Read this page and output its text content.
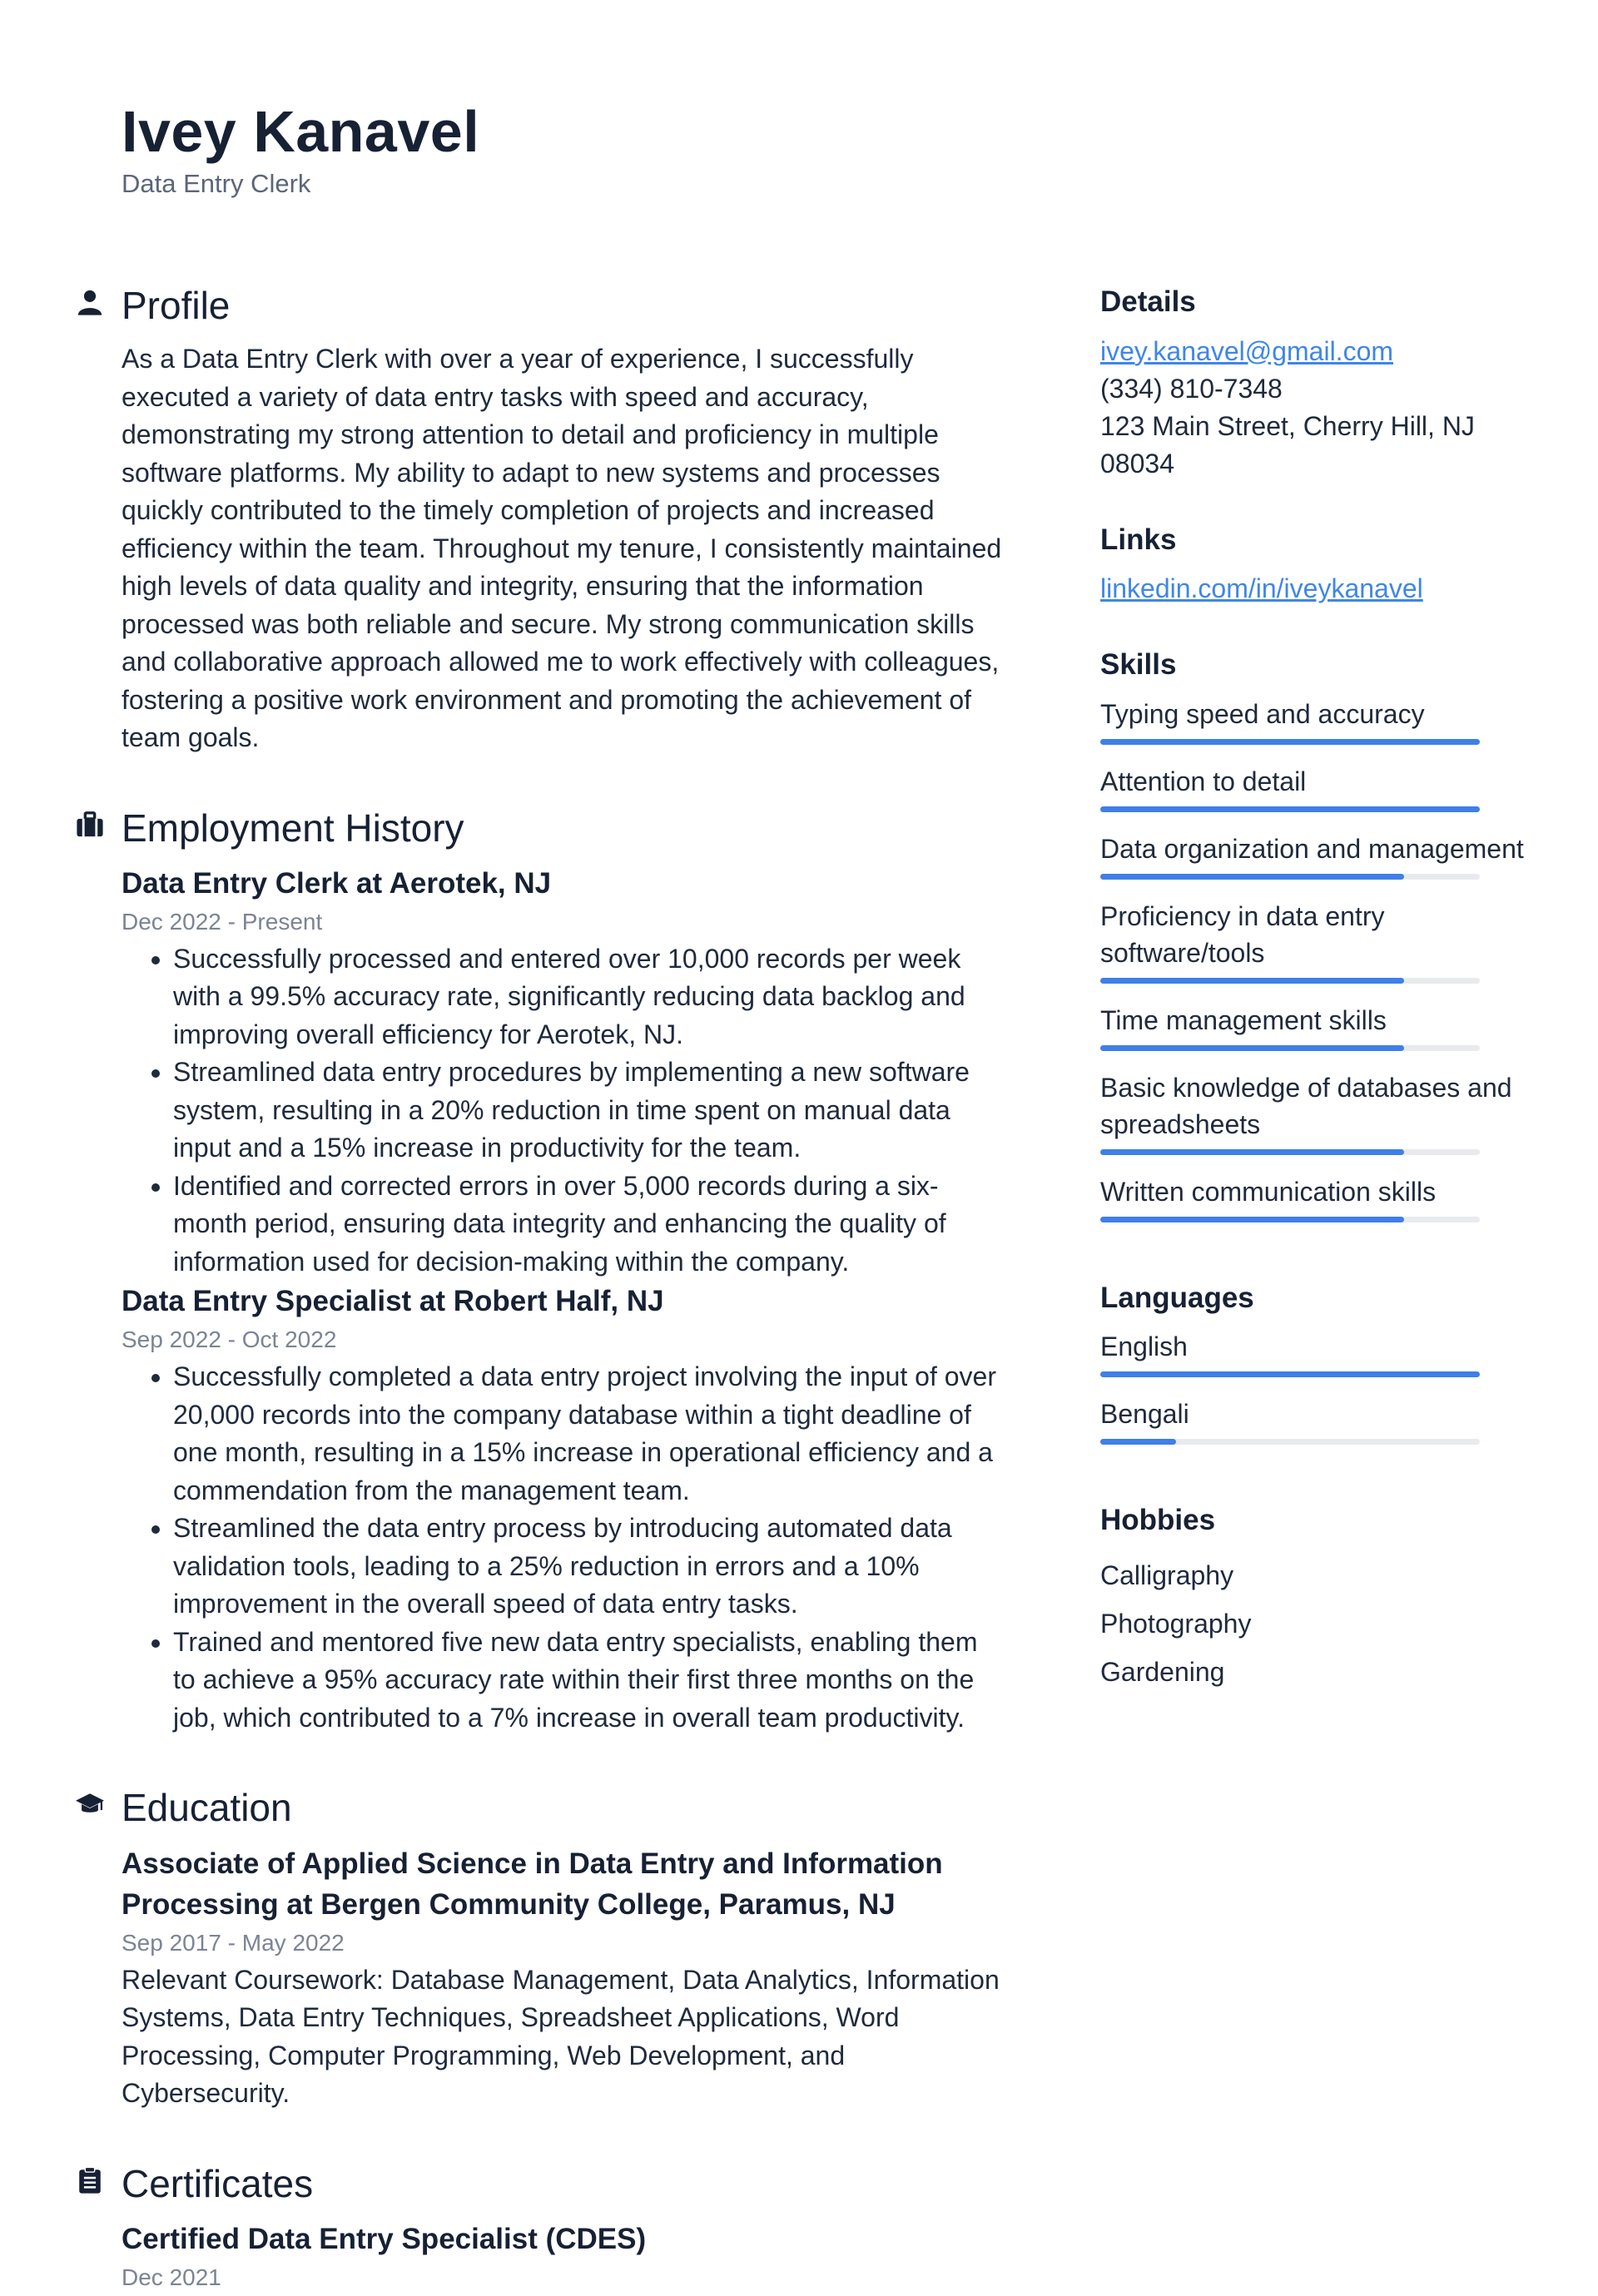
Ivey Kanavel
Data Entry Clerk
Profile
As a Data Entry Clerk with over a year of experience, I successfully executed a variety of data entry tasks with speed and accuracy, demonstrating my strong attention to detail and proficiency in multiple software platforms. My ability to adapt to new systems and processes quickly contributed to the timely completion of projects and increased efficiency within the team. Throughout my tenure, I consistently maintained high levels of data quality and integrity, ensuring that the information processed was both reliable and secure. My strong communication skills and collaborative approach allowed me to work effectively with colleagues, fostering a positive work environment and promoting the achievement of team goals.
Employment History
Data Entry Clerk at Aerotek, NJ
Dec 2022 - Present
• Successfully processed and entered over 10,000 records per week with a 99.5% accuracy rate, significantly reducing data backlog and improving overall efficiency for Aerotek, NJ.
• Streamlined data entry procedures by implementing a new software system, resulting in a 20% reduction in time spent on manual data input and a 15% increase in productivity for the team.
• Identified and corrected errors in over 5,000 records during a six-month period, ensuring data integrity and enhancing the quality of information used for decision-making within the company.
Data Entry Specialist at Robert Half, NJ
Sep 2022 - Oct 2022
• Successfully completed a data entry project involving the input of over 20,000 records into the company database within a tight deadline of one month, resulting in a 15% increase in operational efficiency and a commendation from the management team.
• Streamlined the data entry process by introducing automated data validation tools, leading to a 25% reduction in errors and a 10% improvement in the overall speed of data entry tasks.
• Trained and mentored five new data entry specialists, enabling them to achieve a 95% accuracy rate within their first three months on the job, which contributed to a 7% increase in overall team productivity.
Education
Associate of Applied Science in Data Entry and Information Processing at Bergen Community College, Paramus, NJ
Sep 2017 - May 2022
Relevant Coursework: Database Management, Data Analytics, Information Systems, Data Entry Techniques, Spreadsheet Applications, Word Processing, Computer Programming, Web Development, and Cybersecurity.
Certificates
Certified Data Entry Specialist (CDES)
Dec 2021
Details
ivey.kanavel@gmail.com
(334) 810-7348
123 Main Street, Cherry Hill, NJ 08034
Links
linkedin.com/in/iveykanavel
Skills
Typing speed and accuracy
Attention to detail
Data organization and management
Proficiency in data entry software/tools
Time management skills
Basic knowledge of databases and spreadsheets
Written communication skills
Languages
English
Bengali
Hobbies
Calligraphy
Photography
Gardening
